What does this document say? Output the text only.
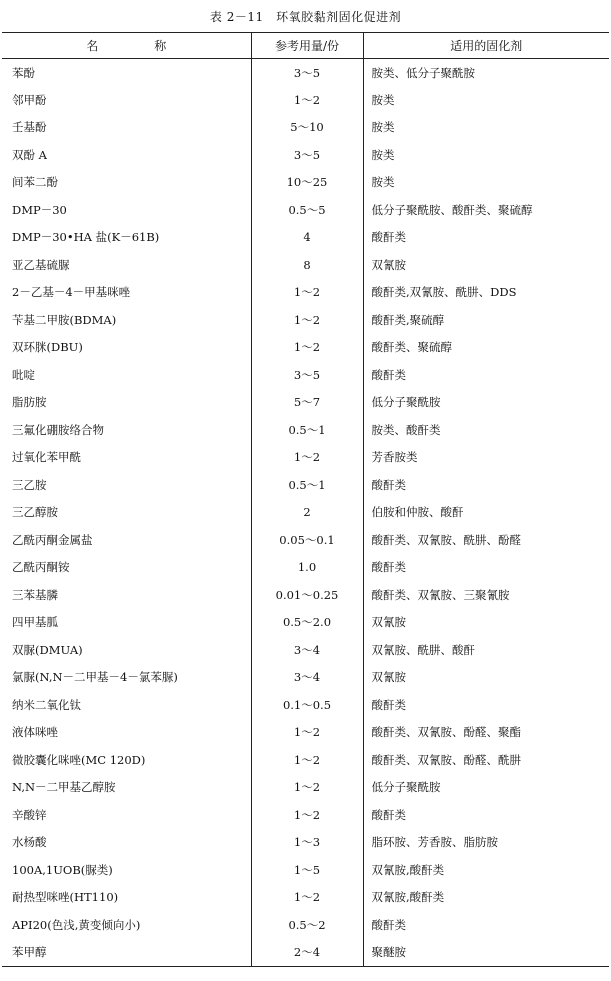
表 2－11　环氧胶黏剂固化促进剂
名　称	参考用量/份	适用的固化剂
苯酚	3～5	胺类、低分子聚酰胺
邻甲酚	1～2	胺类
壬基酚	5～10	胺类
双酚 A	3～5	胺类
间苯二酚	10～25	胺类
DMP－30	0.5～5	低分子聚酰胺、酸酐类、聚硫醇
DMP－30•HA 盐(K－61B)	4	酸酐类
亚乙基硫脲	8	双氰胺
2－乙基－4－甲基咪唑	1～2	酸酐类,双氰胺、酰肼、DDS
苄基二甲胺(BDMA)	1～2	酸酐类,聚硫醇
双环脒(DBU)	1～2	酸酐类、聚硫醇
吡啶	3～5	酸酐类
脂肪胺	5～7	低分子聚酰胺
三氟化硼胺络合物	0.5～1	胺类、酸酐类
过氧化苯甲酰	1～2	芳香胺类
三乙胺	0.5～1	酸酐类
三乙醇胺	2	伯胺和仲胺、酸酐
乙酰丙酮金属盐	0.05～0.1	酸酐类、双氰胺、酰肼、酚醛
乙酰丙酮铵	1.0	酸酐类
三苯基膦	0.01～0.25	酸酐类、双氰胺、三聚氰胺
四甲基胍	0.5～2.0	双氰胺
双脲(DMUA)	3～4	双氰胺、酰肼、酸酐
氯脲(N,N－二甲基－4－氯苯脲)	3～4	双氰胺
纳米二氧化钛	0.1～0.5	酸酐类
液体咪唑	1～2	酸酐类、双氰胺、酚醛、聚酯
微胶囊化咪唑(MC 120D)	1～2	酸酐类、双氰胺、酚醛、酰肼
N,N－二甲基乙醇胺	1～2	低分子聚酰胺
辛酸锌	1～2	酸酐类
水杨酸	1～3	脂环胺、芳香胺、脂肪胺
100A,1UOB(脲类)	1～5	双氰胺,酸酐类
耐热型咪唑(HT110)	1～2	双氰胺,酸酐类
API20(色浅,黄变倾向小)	0.5～2	酸酐类
苯甲醇	2～4	聚醚胺
